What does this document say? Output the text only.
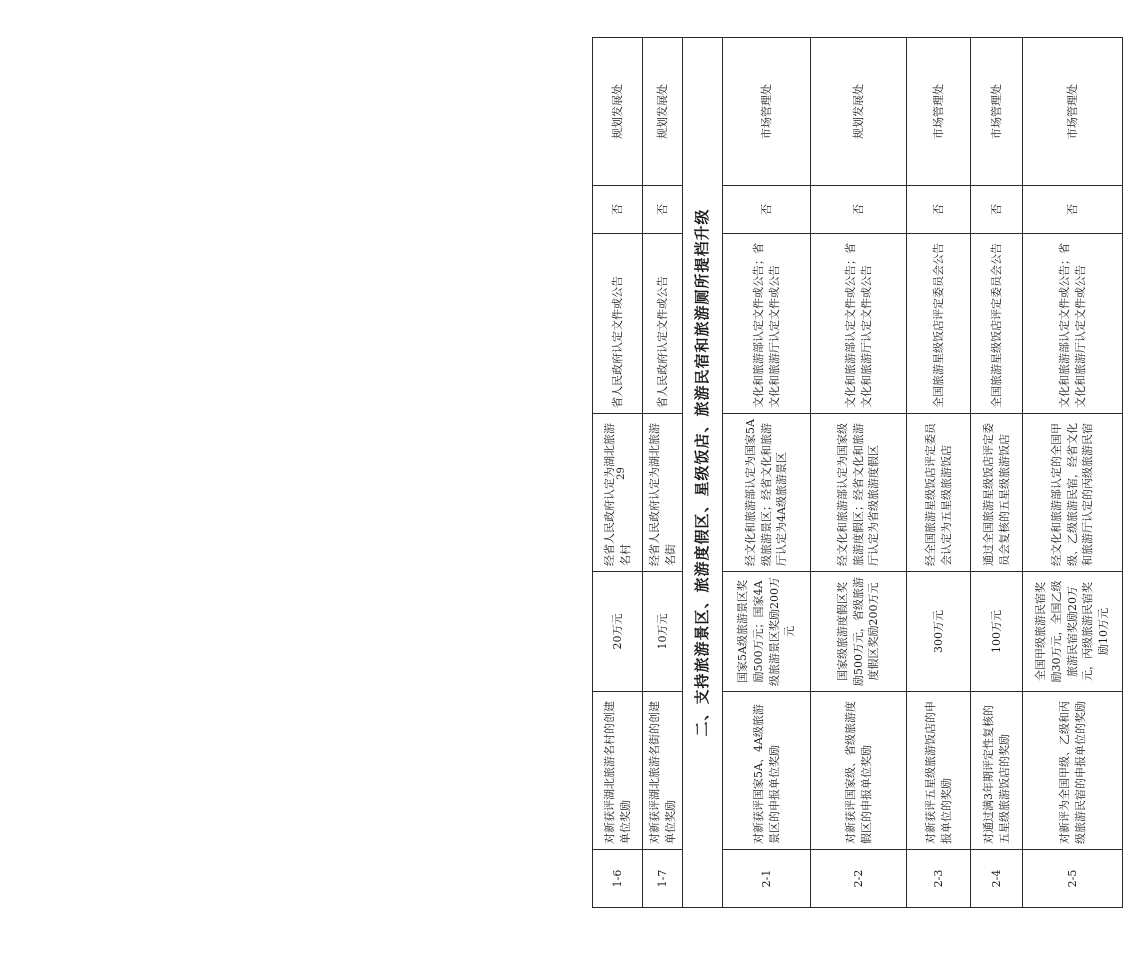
1-6	对新获评湖北旅游名村的创建单位奖励	20万元	经省人民政府认定为湖北旅游名村	省人民政府认定文件或公告	否	规划发展处
1-7	对新获评湖北旅游名街的创建单位奖励	10万元	经省人民政府认定为湖北旅游名街	省人民政府认定文件或公告	否	规划发展处
二、支持旅游景区、旅游度假区、星级饭店、旅游民宿和旅游厕所提档升级						
2-1	对新获评国家5A、4A级旅游景区的申报单位奖励	国家5A级旅游景区奖励500万元；国家4A级旅游景区奖励200万元	经文化和旅游部认定为国家5A级旅游景区；经省文化和旅游厅认定为4A级旅游景区	文化和旅游部认定文件或公告；省文化和旅游厅认定文件或公告	否	市场管理处
2-2	对新获评国家级、省级旅游度假区的申报单位奖励	国家级旅游度假区奖励500万元，省级旅游度假区奖励200万元	经文化和旅游部认定为国家级旅游度假区；经省文化和旅游厅认定为省级旅游度假区	文化和旅游部认定文件或公告；省文化和旅游厅认定文件或公告	否	规划发展处
2-3	对新获评五星级旅游饭店的申报单位的奖励	300万元	经全国旅游星级饭店评定委员会认定为五星级旅游饭店	全国旅游星级饭店评定委员会公告	否	市场管理处
2-4	对通过满3年期评定性复核的五星级旅游饭店的奖励	100万元	通过全国旅游星级饭店评定委员会复核的五星级旅游饭店	全国旅游星级饭店评定委员会公告	否	市场管理处
2-5	对新评为全国甲级、乙级和丙级旅游民宿的申报单位的奖励	全国甲级旅游民宿奖励30万元，全国乙级旅游民宿奖励20万元，丙级旅游民宿奖励10万元	经文化和旅游部认定的全国甲级、乙级旅游民宿，经省文化和旅游厅认定的丙级旅游民宿	文化和旅游部认定文件或公告；省文化和旅游厅认定文件或公告	否	市场管理处
29
